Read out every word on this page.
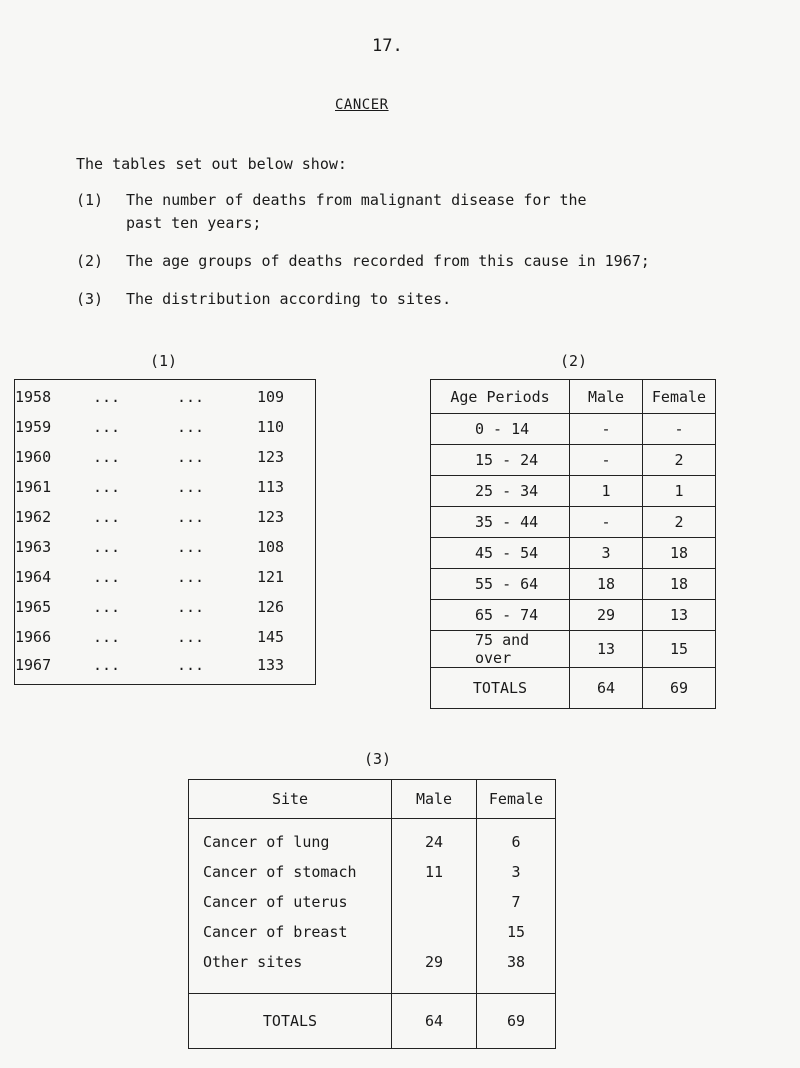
17.
CANCER
The tables set out below show:
(1) The number of deaths from malignant disease for the
past ten years;
(2) The age groups of deaths recorded from this cause in 1967;
(3) The distribution according to sites.
(1)	(2)
(3)
1958	...	...	109
1959	...	...	110
1960	...	...	123
1961	...	...	113
1962	...	...	123
1963	...	...	108
1964	...	...	121
1965	...	...	126
1966	...	...	145
1967	...	...	133
Age Periods	Male	Female
0 - 14	-	-
15 - 24	-	2
25 - 34	1	1
35 - 44	-	2
45 - 54	3	18
55 - 64	18	18
65 - 74	29	13
75 and over	13	15
TOTALS	64	69
Site	Male	Female

Cancer of lung	24	6
Cancer of stomach	11	3
Cancer of uterus		7
Cancer of breast		15
Other sites	29	38

TOTALS	64	69
